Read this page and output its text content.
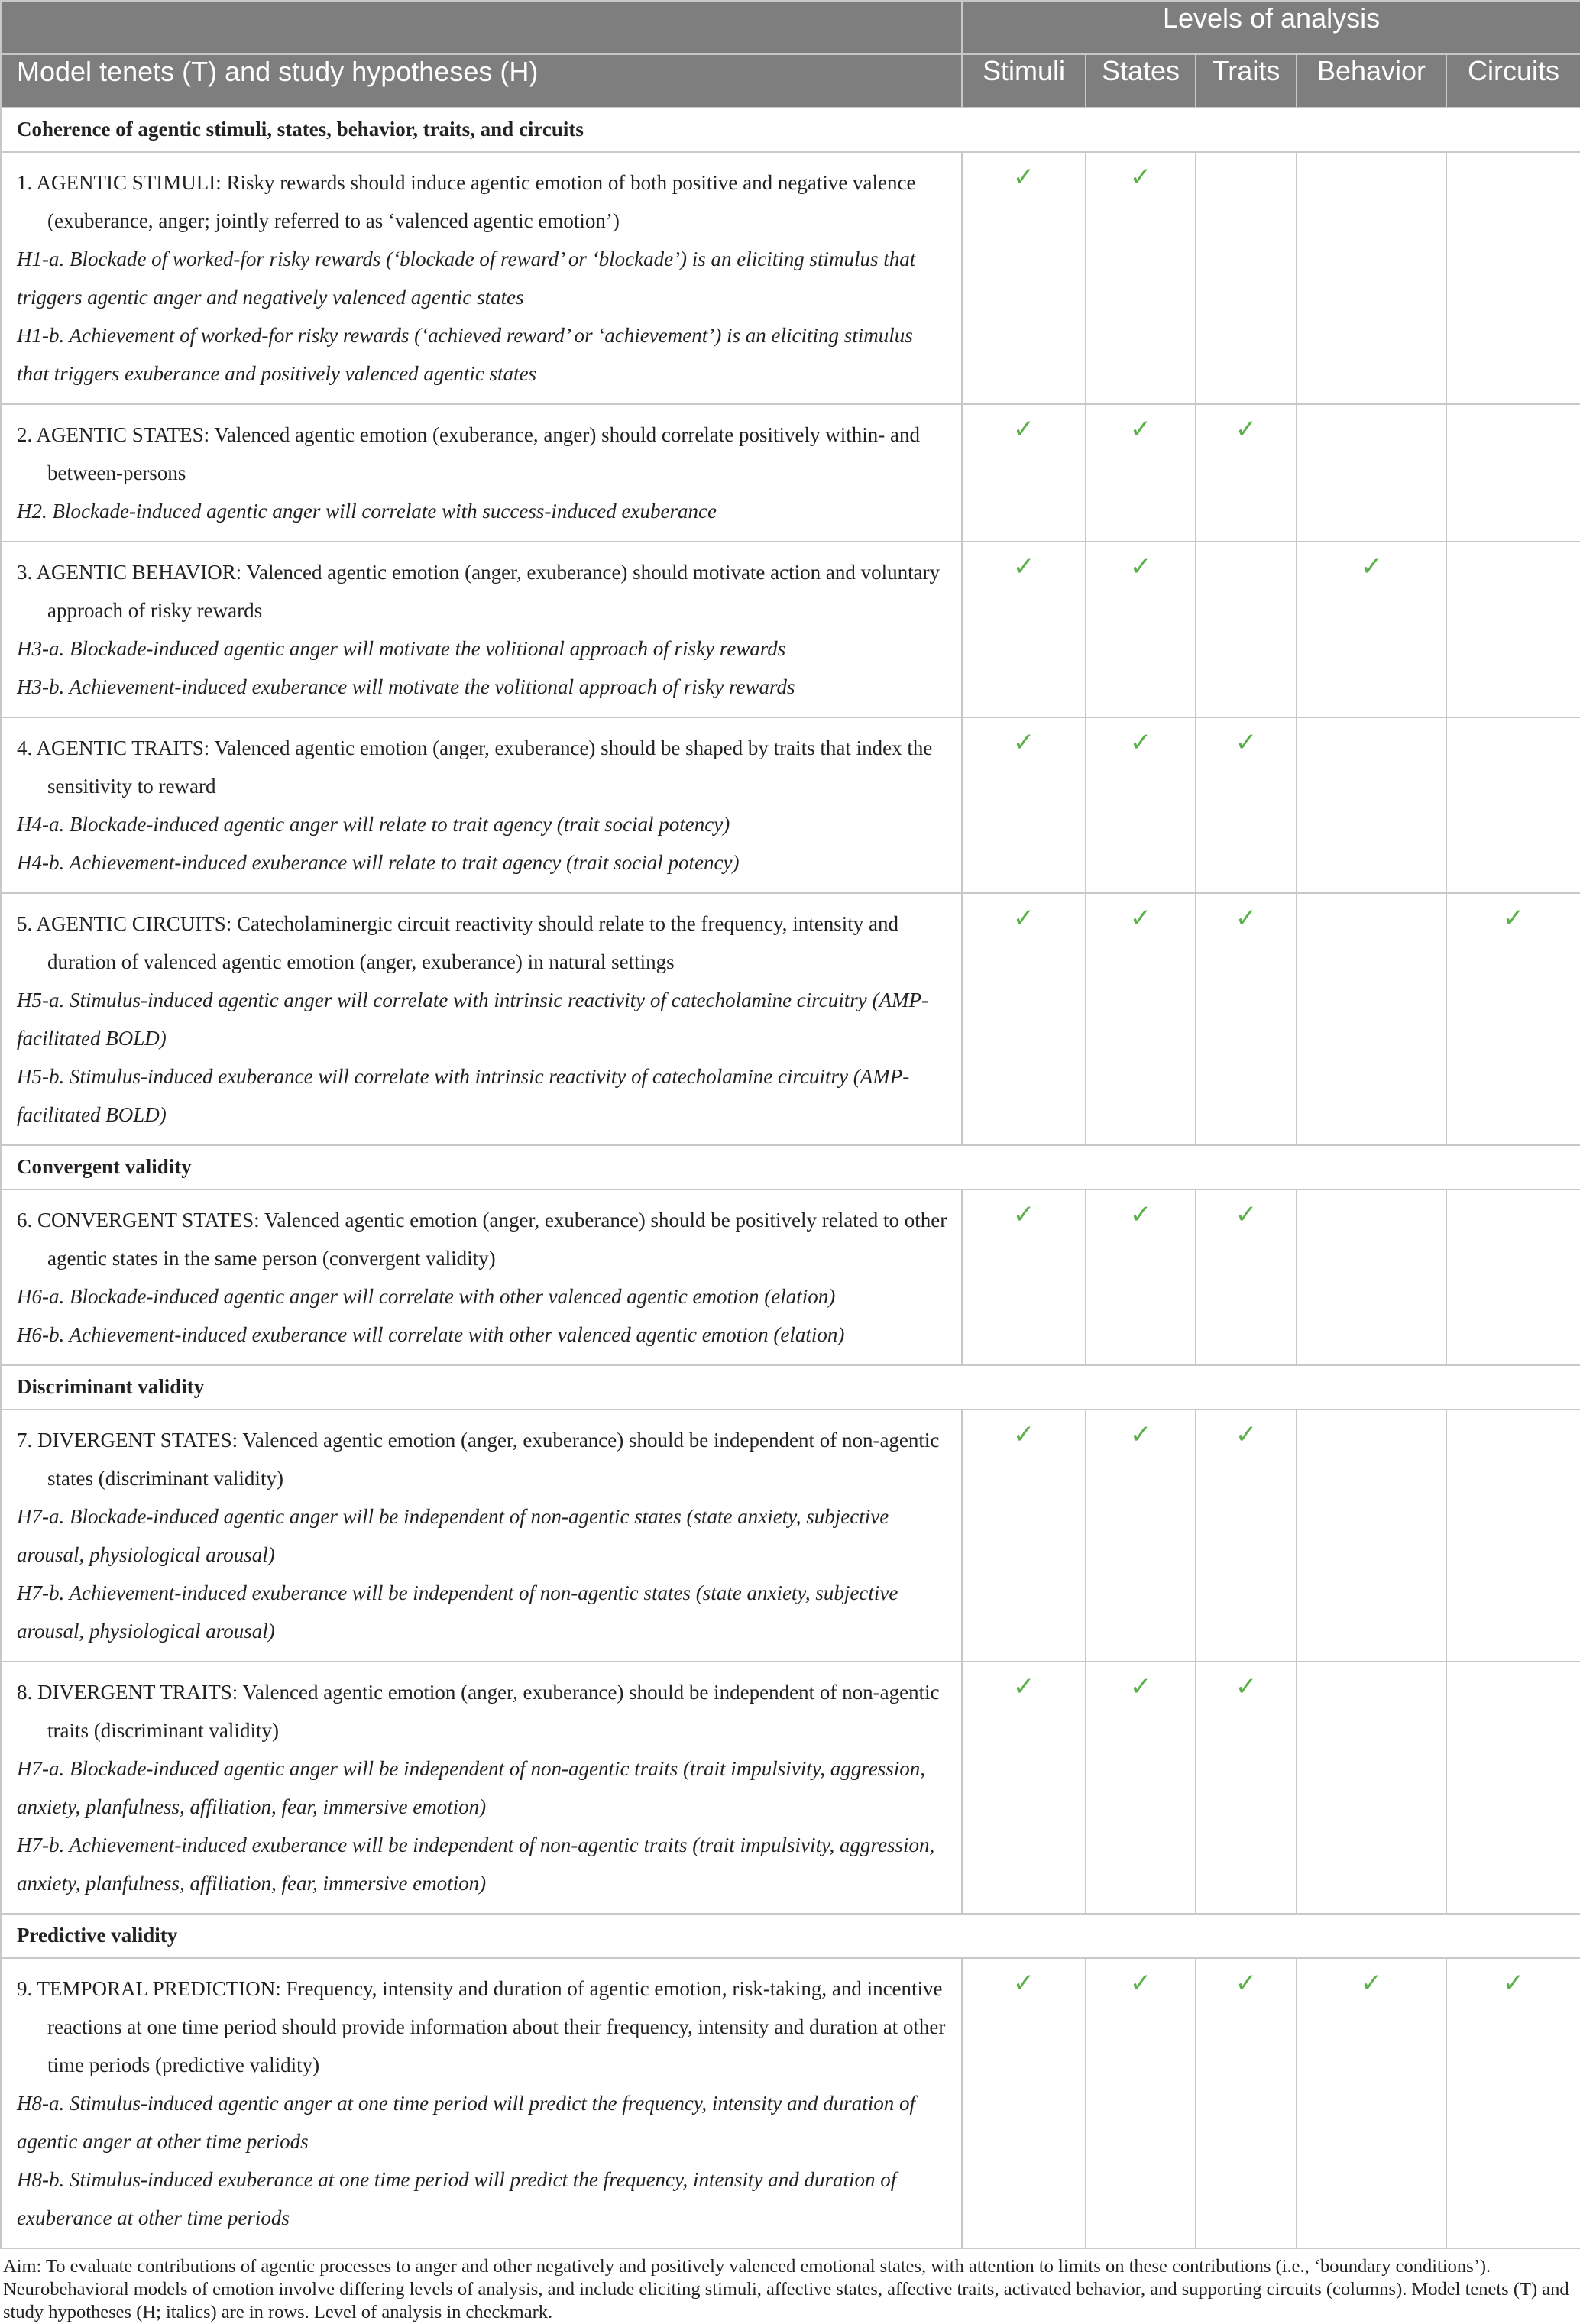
	Levels of analysis				
Model tenets (T) and study hypotheses (H)	Stimuli	States	Traits	Behavior	Circuits
Coherence of agentic stimuli, states, behavior, traits, and circuits					

1. AGENTIC STIMULI: Risky rewards should induce agentic emotion of both positive and negative valence (exuberance, anger; jointly referred to as ‘valenced agentic emotion’)
H1-a. Blockade of worked-for risky rewards (‘blockade of reward’ or ‘blockade’) is an eliciting stimulus that triggers agentic anger and negatively valenced agentic states
H1-b. Achievement of worked-for risky rewards (‘achieved reward’ or ‘achievement’) is an eliciting stimulus that triggers exuberance and positively valenced agentic states	✓	✓			

2. AGENTIC STATES: Valenced agentic emotion (exuberance, anger) should correlate positively within- and between-persons
H2. Blockade-induced agentic anger will correlate with success-induced exuberance	✓	✓	✓		

3. AGENTIC BEHAVIOR: Valenced agentic emotion (anger, exuberance) should motivate action and voluntary approach of risky rewards
H3-a. Blockade-induced agentic anger will motivate the volitional approach of risky rewards
H3-b. Achievement-induced exuberance will motivate the volitional approach of risky rewards	✓	✓		✓	

4. AGENTIC TRAITS: Valenced agentic emotion (anger, exuberance) should be shaped by traits that index the sensitivity to reward
H4-a. Blockade-induced agentic anger will relate to trait agency (trait social potency)
H4-b. Achievement-induced exuberance will relate to trait agency (trait social potency)	✓	✓	✓		

5. AGENTIC CIRCUITS: Catecholaminergic circuit reactivity should relate to the frequency, intensity and duration of valenced agentic emotion (anger, exuberance) in natural settings
H5-a. Stimulus-induced agentic anger will correlate with intrinsic reactivity of catecholamine circuitry (AMP-facilitated BOLD)
H5-b. Stimulus-induced exuberance will correlate with intrinsic reactivity of catecholamine circuitry (AMP-facilitated BOLD)	✓	✓	✓		✓
Convergent validity					

6. CONVERGENT STATES: Valenced agentic emotion (anger, exuberance) should be positively related to other agentic states in the same person (convergent validity)
H6-a. Blockade-induced agentic anger will correlate with other valenced agentic emotion (elation)
H6-b. Achievement-induced exuberance will correlate with other valenced agentic emotion (elation)	✓	✓	✓		
Discriminant validity					

7. DIVERGENT STATES: Valenced agentic emotion (anger, exuberance) should be independent of non-agentic states (discriminant validity)
H7-a. Blockade-induced agentic anger will be independent of non-agentic states (state anxiety, subjective arousal, physiological arousal)
H7-b. Achievement-induced exuberance will be independent of non-agentic states (state anxiety, subjective arousal, physiological arousal)	✓	✓	✓		

8. DIVERGENT TRAITS: Valenced agentic emotion (anger, exuberance) should be independent of non-agentic traits (discriminant validity)
H7-a. Blockade-induced agentic anger will be independent of non-agentic traits (trait impulsivity, aggression, anxiety, planfulness, affiliation, fear, immersive emotion)
H7-b. Achievement-induced exuberance will be independent of non-agentic traits (trait impulsivity, aggression, anxiety, planfulness, affiliation, fear, immersive emotion)	✓	✓	✓		
Predictive validity					

9. TEMPORAL PREDICTION: Frequency, intensity and duration of agentic emotion, risk-taking, and incentive reactions at one time period should provide information about their frequency, intensity and duration at other time periods (predictive validity)
H8-a. Stimulus-induced agentic anger at one time period will predict the frequency, intensity and duration of agentic anger at other time periods
H8-b. Stimulus-induced exuberance at one time period will predict the frequency, intensity and duration of exuberance at other time periods	✓	✓	✓	✓	✓
Aim: To evaluate contributions of agentic processes to anger and other negatively and positively valenced emotional states, with attention to limits on these contributions (i.e., ‘boundary conditions’). Neurobehavioral models of emotion involve differing levels of analysis, and include eliciting stimuli, affective states, affective traits, activated behavior, and supporting circuits (columns). Model tenets (T) and study hypotheses (H; italics) are in rows. Level of analysis in checkmark.
